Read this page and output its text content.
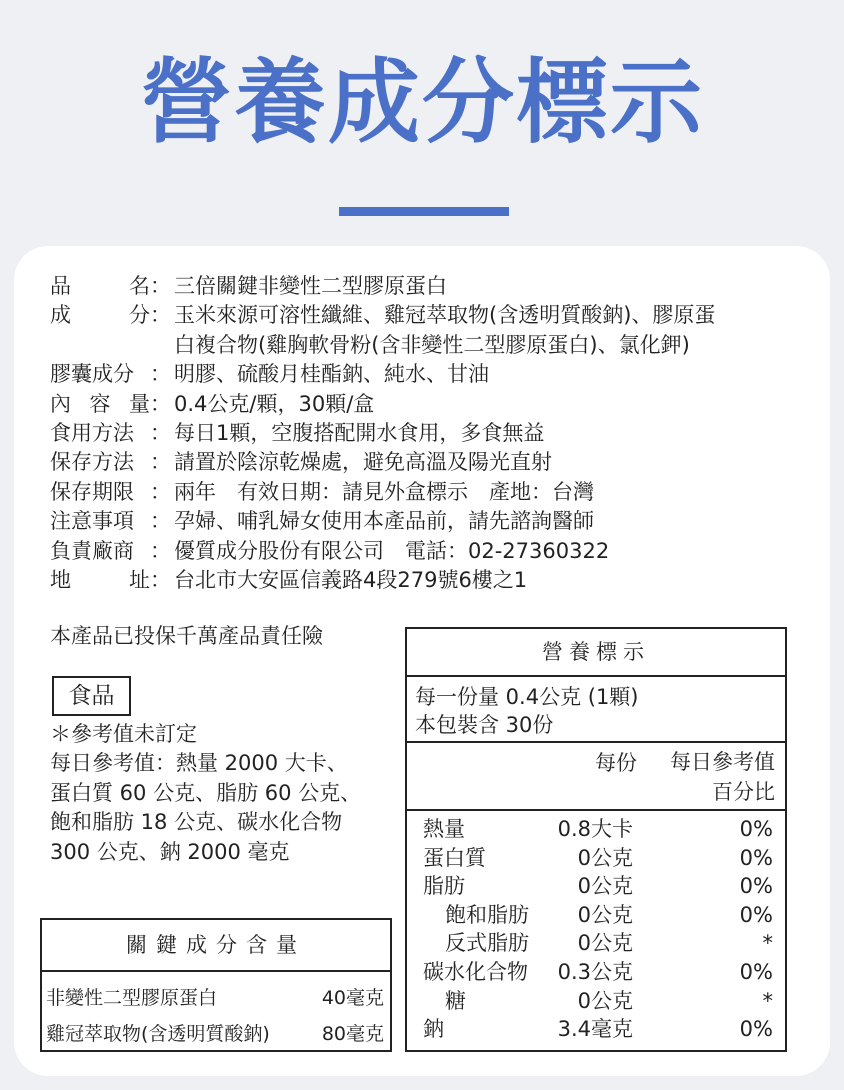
營養成分標示
品	名 ： 三倍關鍵非變性二型膠原蛋白
成	分 ： 玉米來源可溶性纖維、雞冠萃取物(含透明質酸鈉)、膠原蛋
白複合物(雞胸軟骨粉(含非變性二型膠原蛋白)、氯化鉀)
膠囊成分 ： 明膠、硫酸月桂酯鈉、純水、甘油
內 容 量 ： 0.4公克/顆，30顆/盒
食用方法 ： 每日1顆，空腹搭配開水食用，多食無益
保存方法 ： 請置於陰涼乾燥處，避免高溫及陽光直射
保存期限 ： 兩年　有效日期：請見外盒標示　產地：台灣
注意事項 ： 孕婦、哺乳婦女使用本產品前，請先諮詢醫師
負責廠商 ： 優質成分股份有限公司　電話：02-27360322
地	址 ： 台北市大安區信義路4段279號6樓之1
本產品已投保千萬產品責任險
食品
＊參考值未訂定
每日參考值：熱量 2000 大卡、
蛋白質 60 公克、脂肪 60 公克、
飽和脂肪 18 公克、碳水化合物
300 公克、鈉 2000 毫克
關鍵成分含量
非變性二型膠原蛋白	40毫克
雞冠萃取物(含透明質酸鈉)	80毫克
營養標示
每一份量 0.4公克 (1顆)
本包裝含 30份
每份 每日參考值
百分比
熱量	0.8大卡	0%
蛋白質	0公克	0%
脂肪	0公克	0%
飽和脂肪 0公克	0%
反式脂肪 0公克	*
碳水化合物 0.3公克	0%
糖	0公克	*
鈉	3.4毫克	0%
